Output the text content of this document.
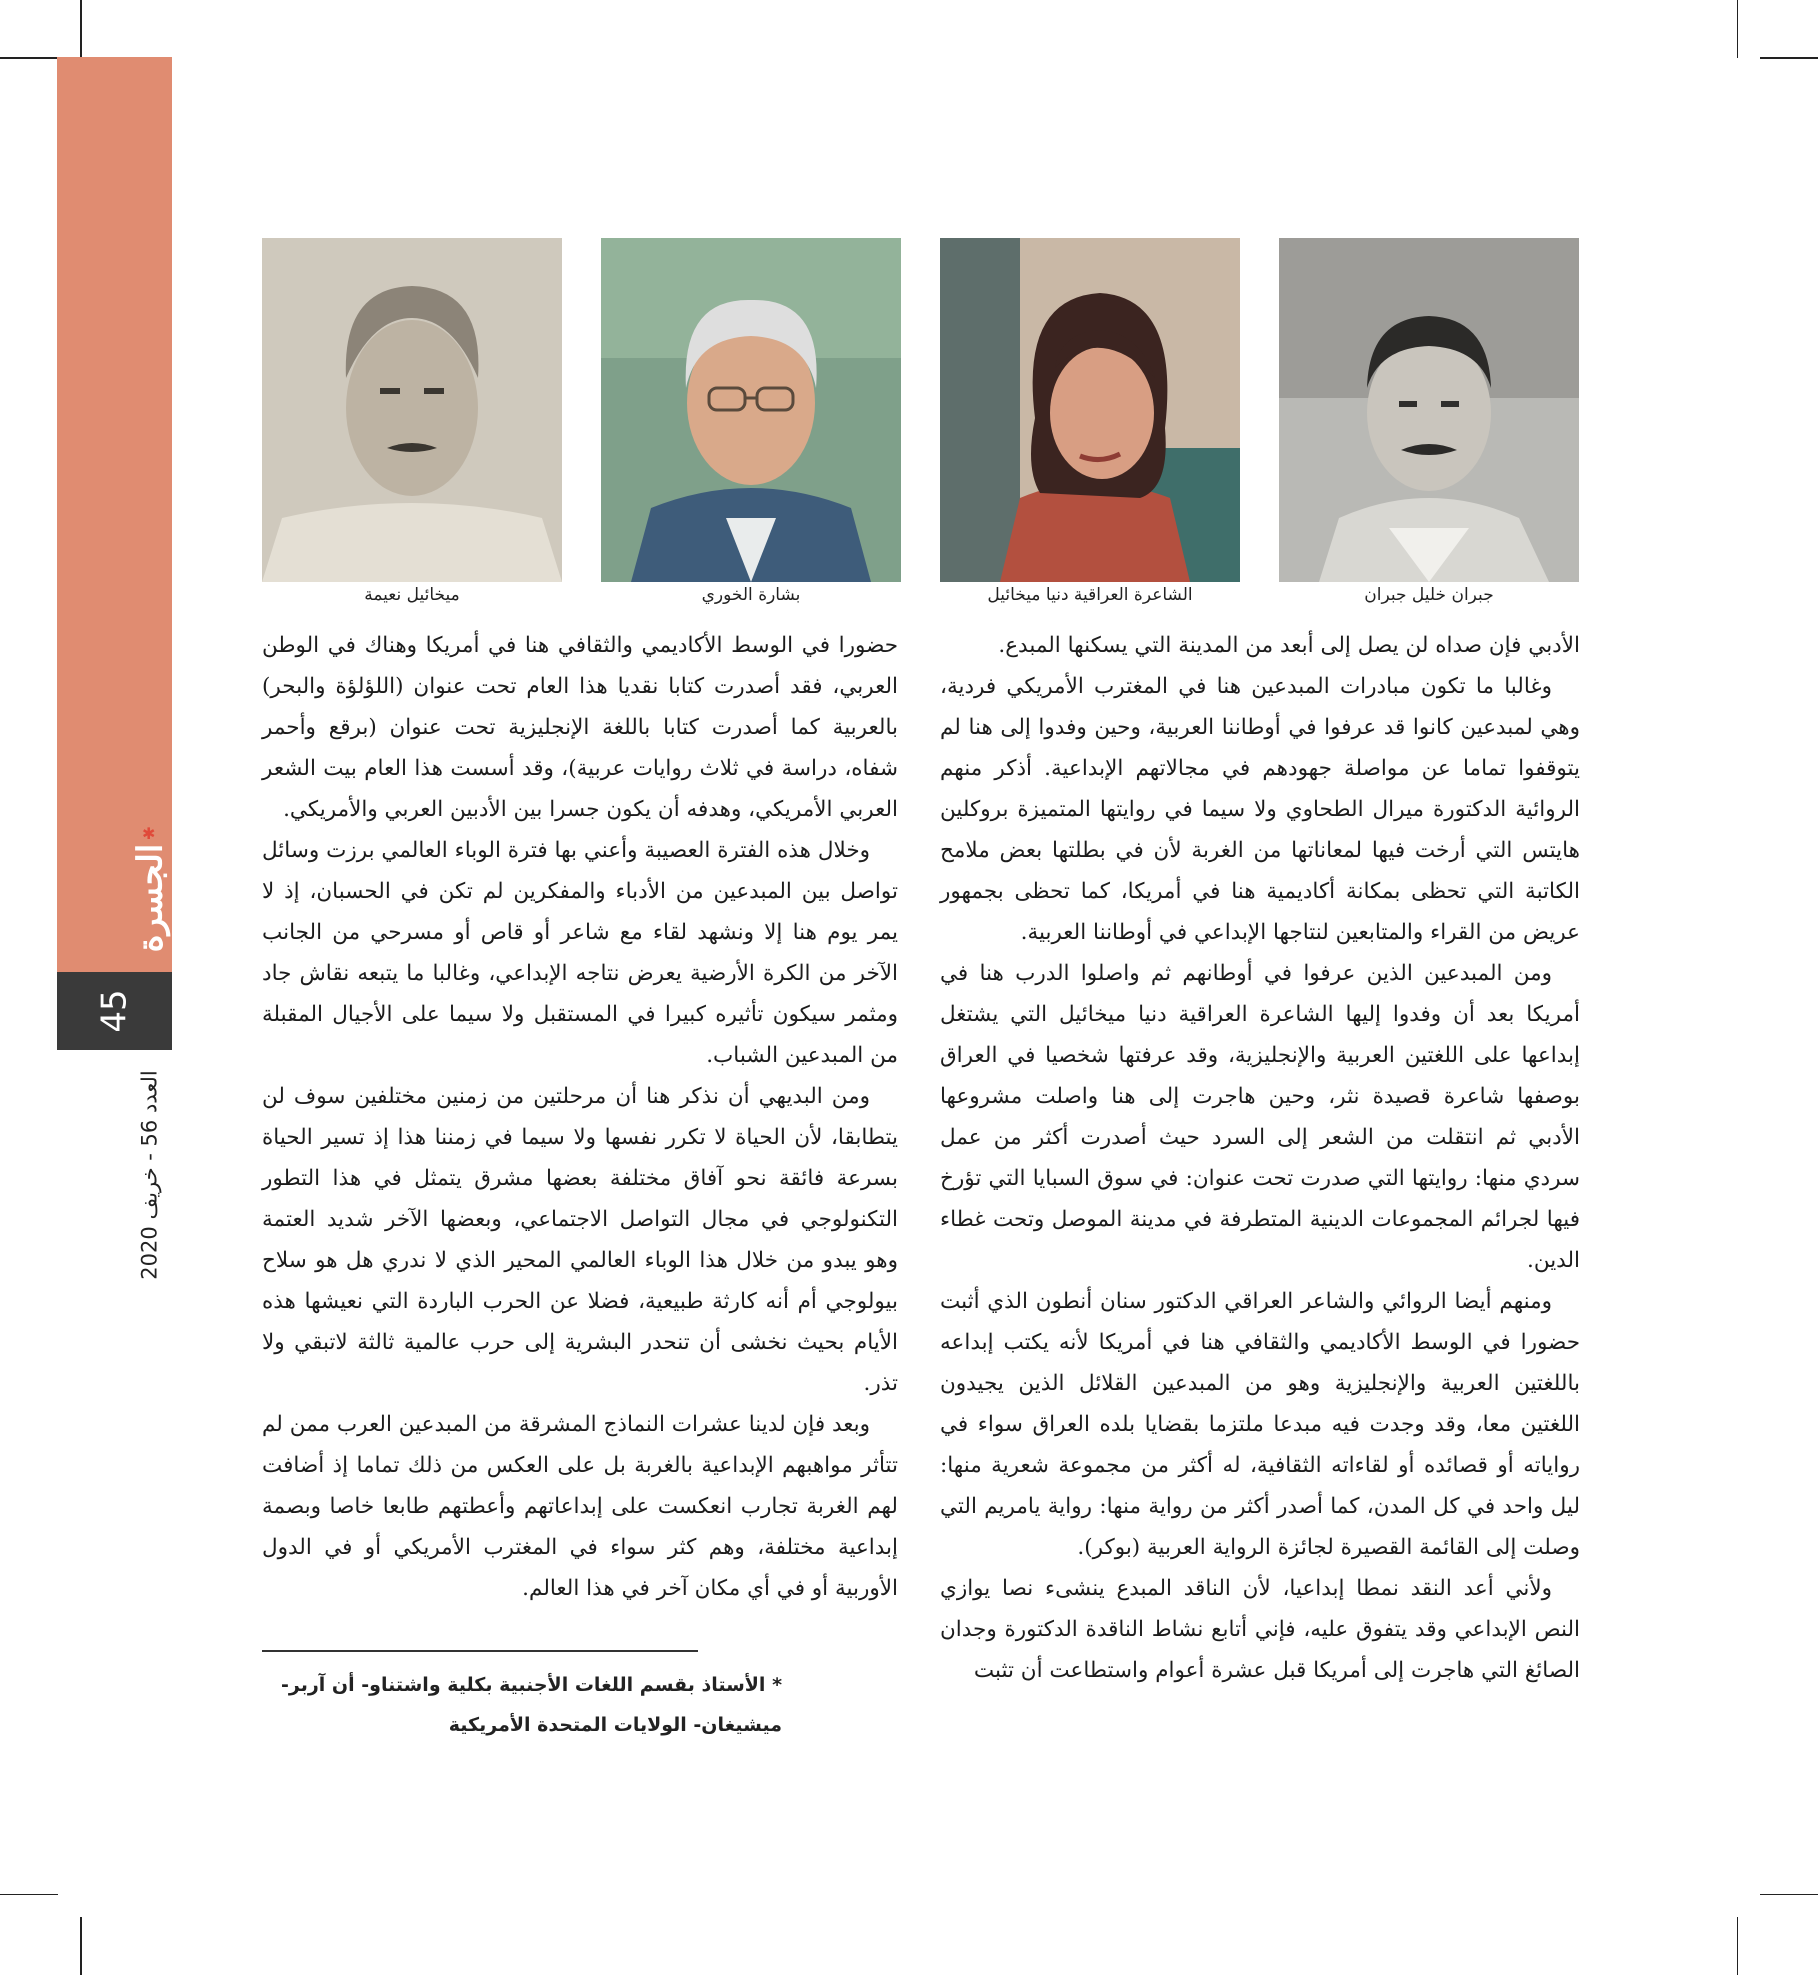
✱
الجسرة
45
العدد 56 - خريف 2020
جبران خليل جبران
الشاعرة العراقية دنيا ميخائيل
بشارة الخوري
ميخائيل نعيمة

الأدبي فإن صداه لن يصل إلى أبعد من المدينة التي يسكنها المبدع.

وغالبا ما تكون مبادرات المبدعين هنا في المغترب الأمريكي فردية، وهي لمبدعين كانوا قد عرفوا في أوطاننا العربية، وحين وفدوا إلى هنا لم يتوقفوا تماما عن مواصلة جهودهم في مجالاتهم الإبداعية. أذكر منهم الروائية الدكتورة ميرال الطحاوي ولا سيما في روايتها المتميزة بروكلين هايتس التي أرخت فيها لمعاناتها من الغربة لأن في بطلتها بعض ملامح الكاتبة التي تحظى بمكانة أكاديمية هنا في أمريكا، كما تحظى بجمهور عريض من القراء والمتابعين لنتاجها الإبداعي في أوطاننا العربية.

ومن المبدعين الذين عرفوا في أوطانهم ثم واصلوا الدرب هنا في أمريكا بعد أن وفدوا إليها الشاعرة العراقية دنيا ميخائيل التي يشتغل إبداعها على اللغتين العربية والإنجليزية، وقد عرفتها شخصيا في العراق بوصفها شاعرة قصيدة نثر، وحين هاجرت إلى هنا واصلت مشروعها الأدبي ثم انتقلت من الشعر إلى السرد حيث أصدرت أكثر من عمل سردي منها: روايتها التي صدرت تحت عنوان: في سوق السبايا التي تؤرخ فيها لجرائم المجموعات الدينية المتطرفة في مدينة الموصل وتحت غطاء الدين.

ومنهم أيضا الروائي والشاعر العراقي الدكتور سنان أنطون الذي أثبت حضورا في الوسط الأكاديمي والثقافي هنا في أمريكا لأنه يكتب إبداعه باللغتين العربية والإنجليزية وهو من المبدعين القلائل الذين يجيدون اللغتين معا، وقد وجدت فيه مبدعا ملتزما بقضايا بلده العراق سواء في رواياته أو قصائده أو لقاءاته الثقافية، له أكثر من مجموعة شعرية منها: ليل واحد في كل المدن، كما أصدر أكثر من رواية منها: رواية يامريم التي وصلت إلى القائمة القصيرة لجائزة الرواية العربية (بوكر).

ولأني أعد النقد نمطا إبداعيا، لأن الناقد المبدع ينشىء نصا يوازي النص الإبداعي وقد يتفوق عليه، فإني أتابع نشاط الناقدة الدكتورة وجدان الصائغ التي هاجرت إلى أمريكا قبل عشرة أعوام واستطاعت أن تثبت

حضورا في الوسط الأكاديمي والثقافي هنا في أمريكا وهناك في الوطن العربي، فقد أصدرت كتابا نقديا هذا العام تحت عنوان (اللؤلؤة والبحر) بالعربية كما أصدرت كتابا باللغة الإنجليزية تحت عنوان (برقع وأحمر شفاه، دراسة في ثلاث روايات عربية)، وقد أسست هذا العام بيت الشعر العربي الأمريكي، وهدفه أن يكون جسرا بين الأدبين العربي والأمريكي.

وخلال هذه الفترة العصيبة وأعني بها فترة الوباء العالمي برزت وسائل تواصل بين المبدعين من الأدباء والمفكرين لم تكن في الحسبان، إذ لا يمر يوم هنا إلا ونشهد لقاء مع شاعر أو قاص أو مسرحي من الجانب الآخر من الكرة الأرضية يعرض نتاجه الإبداعي، وغالبا ما يتبعه نقاش جاد ومثمر سيكون تأثيره كبيرا في المستقبل ولا سيما على الأجيال المقبلة من المبدعين الشباب.

ومن البديهي أن نذكر هنا أن مرحلتين من زمنين مختلفين سوف لن يتطابقا، لأن الحياة لا تكرر نفسها ولا سيما في زمننا هذا إذ تسير الحياة بسرعة فائقة نحو آفاق مختلفة بعضها مشرق يتمثل في هذا التطور التكنولوجي في مجال التواصل الاجتماعي، وبعضها الآخر شديد العتمة وهو يبدو من خلال هذا الوباء العالمي المحير الذي لا ندري هل هو سلاح بيولوجي أم أنه كارثة طبيعية، فضلا عن الحرب الباردة التي نعيشها هذه الأيام بحيث نخشى أن تنحدر البشرية إلى حرب عالمية ثالثة لاتبقي ولا تذر.

وبعد فإن لدينا عشرات النماذج المشرقة من المبدعين العرب ممن لم تتأثر مواهبهم الإبداعية بالغربة بل على العكس من ذلك تماما إذ أضافت لهم الغربة تجارب انعكست على إبداعاتهم وأعطتهم طابعا خاصا وبصمة إبداعية مختلفة، وهم كثر سواء في المغترب الأمريكي أو في الدول الأوربية أو في أي مكان آخر في هذا العالم.

* الأستاذ بقسم اللغات الأجنبية بكلية واشتناو- أن آربر-
ميشيغان- الولايات المتحدة الأمريكية
